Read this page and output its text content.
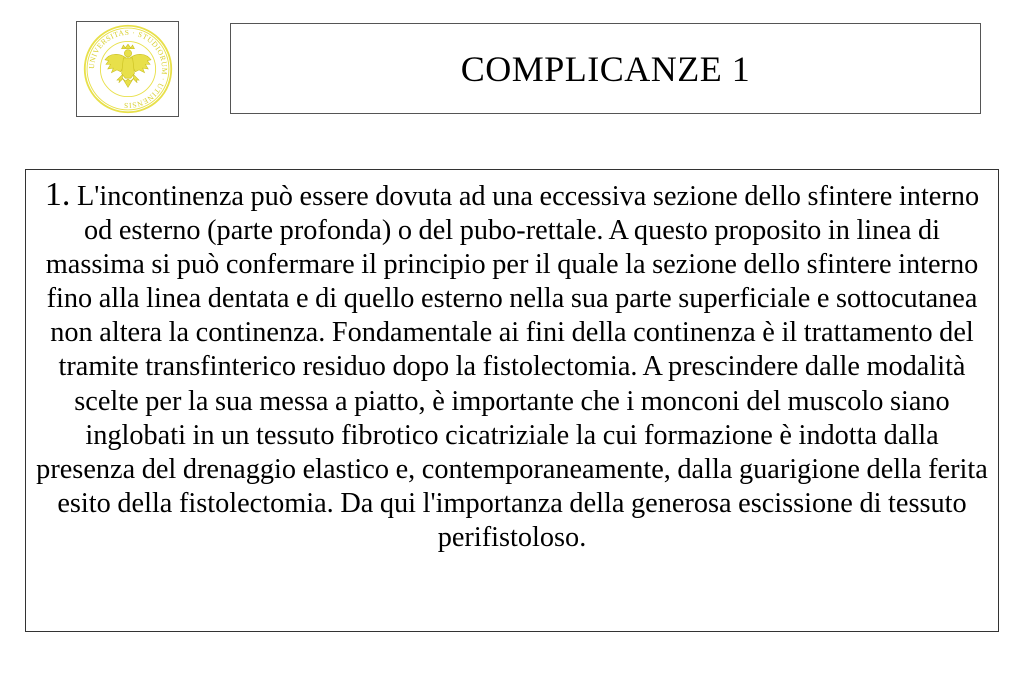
UNIVERSITAS · STUDIORUM · UTINENSIS
COMPLICANZE 1

1. L'incontinenza può essere dovuta ad una eccessiva sezione dello sfintere interno od esterno (parte profonda) o del pubo-rettale. A questo proposito in linea di massima si può confermare il principio per il quale la sezione dello sfintere interno fino alla linea dentata e di quello esterno nella sua parte superficiale e sottocutanea non altera la continenza. Fondamentale ai fini della continenza è il trattamento del tramite transfinterico residuo dopo la fistolectomia. A prescindere dalle modalità scelte per la sua messa a piatto, è importante che i monconi del muscolo siano inglobati in un tessuto fibrotico cicatriziale la cui formazione è indotta dalla presenza del drenaggio elastico e, contemporaneamente, dalla guarigione della ferita esito della fistolectomia. Da qui l'importanza della generosa escissione di tessuto perifistoloso.
